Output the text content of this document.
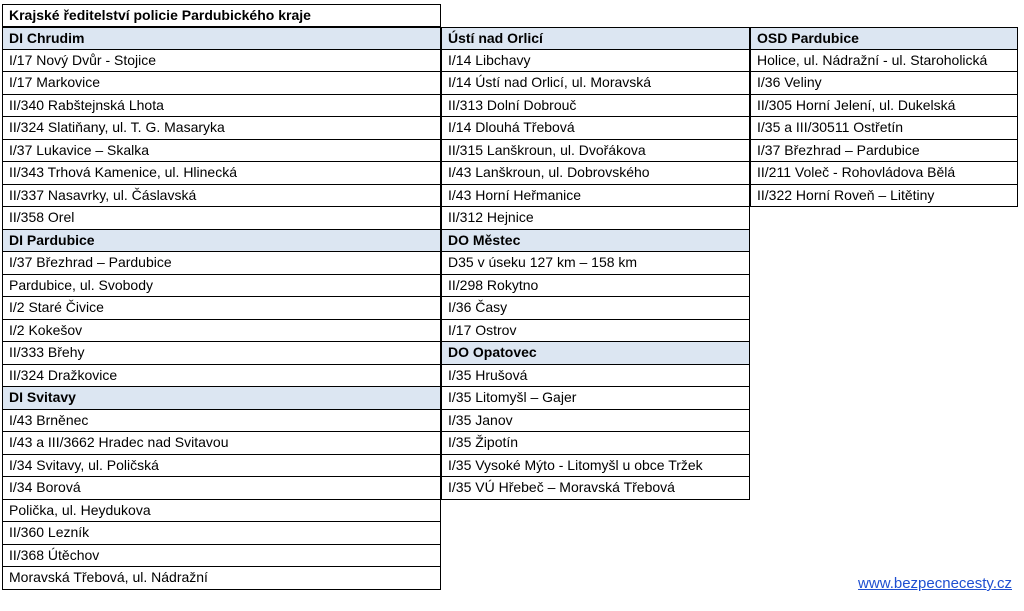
Krajské ředitelství policie Pardubického kraje
DI Chrudim
I/17 Nový Dvůr - Stojice
I/17 Markovice
II/340 Rabštejnská Lhota
II/324 Slatiňany, ul. T. G. Masaryka
I/37 Lukavice – Skalka
II/343 Trhová Kamenice, ul. Hlinecká
II/337 Nasavrky, ul. Čáslavská
II/358 Orel
DI Pardubice
I/37 Březhrad – Pardubice
Pardubice, ul. Svobody
I/2 Staré Čivice
I/2 Kokešov
II/333 Břehy
II/324 Dražkovice
DI Svitavy
I/43 Brněnec
I/43 a III/3662 Hradec nad Svitavou
I/34 Svitavy, ul. Poličská
I/34 Borová
Polička, ul. Heydukova
II/360 Lezník
II/368 Útěchov
Moravská Třebová, ul. Nádražní
Ústí nad Orlicí
I/14 Libchavy
I/14 Ústí nad Orlicí, ul. Moravská
II/313 Dolní Dobrouč
I/14 Dlouhá Třebová
II/315 Lanškroun, ul. Dvořákova
I/43 Lanškroun, ul. Dobrovského
I/43 Horní Heřmanice
II/312 Hejnice
DO Městec
D35 v úseku 127 km – 158 km
II/298 Rokytno
I/36 Časy
I/17 Ostrov
DO Opatovec
I/35 Hrušová
I/35 Litomyšl – Gajer
I/35 Janov
I/35 Žipotín
I/35 Vysoké Mýto - Litomyšl u obce Tržek
I/35 VÚ Hřebeč – Moravská Třebová
OSD Pardubice
Holice, ul. Nádražní - ul. Staroholická
I/36 Veliny
II/305 Horní Jelení, ul. Dukelská
I/35 a III/30511 Ostřetín
I/37 Březhrad – Pardubice
II/211 Voleč - Rohovládova Bělá
II/322 Horní Roveň – Litětiny
www.bezpecnecesty.cz
